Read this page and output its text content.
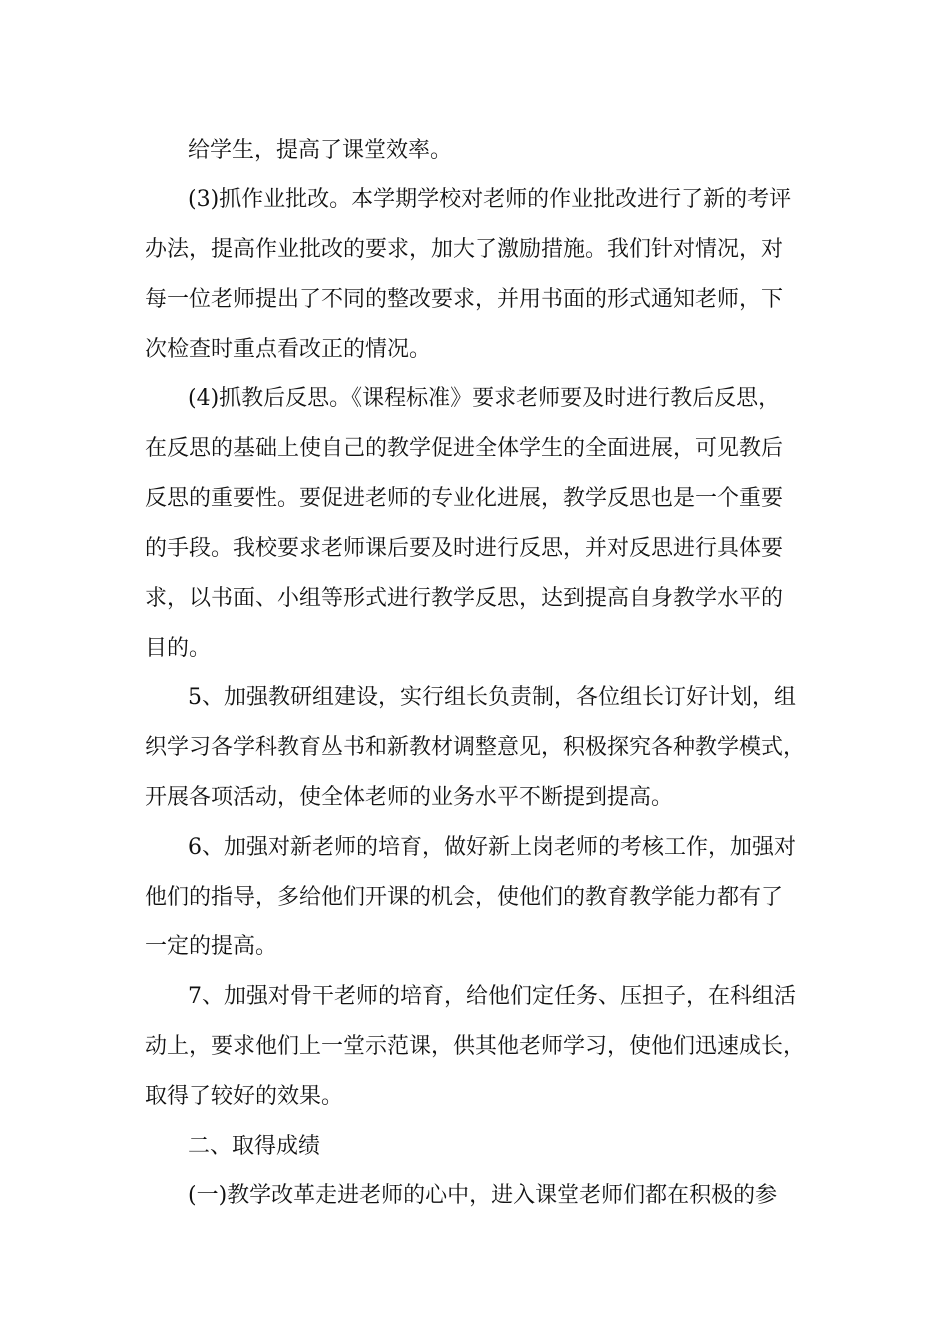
给学生，提高了课堂效率。
(3)抓作业批改。本学期学校对老师的作业批改进行了新的考评
办法，提高作业批改的要求，加大了激励措施。我们针对情况，对
每一位老师提出了不同的整改要求，并用书面的形式通知老师，下
次检查时重点看改正的情况。
(4)抓教后反思。《课程标准》要求老师要及时进行教后反思，
在反思的基础上使自己的教学促进全体学生的全面进展，可见教后
反思的重要性。要促进老师的专业化进展，教学反思也是一个重要
的手段。我校要求老师课后要及时进行反思，并对反思进行具体要
求，以书面、小组等形式进行教学反思，达到提高自身教学水平的
目的。
5、加强教研组建设，实行组长负责制，各位组长订好计划，组
织学习各学科教育丛书和新教材调整意见，积极探究各种教学模式，
开展各项活动，使全体老师的业务水平不断提到提高。
6、加强对新老师的培育，做好新上岗老师的考核工作，加强对
他们的指导，多给他们开课的机会，使他们的教育教学能力都有了
一定的提高。
7、加强对骨干老师的培育，给他们定任务、压担子，在科组活
动上，要求他们上一堂示范课，供其他老师学习，使他们迅速成长，
取得了较好的效果。
二、取得成绩
(一)教学改革走进老师的心中，进入课堂老师们都在积极的参
